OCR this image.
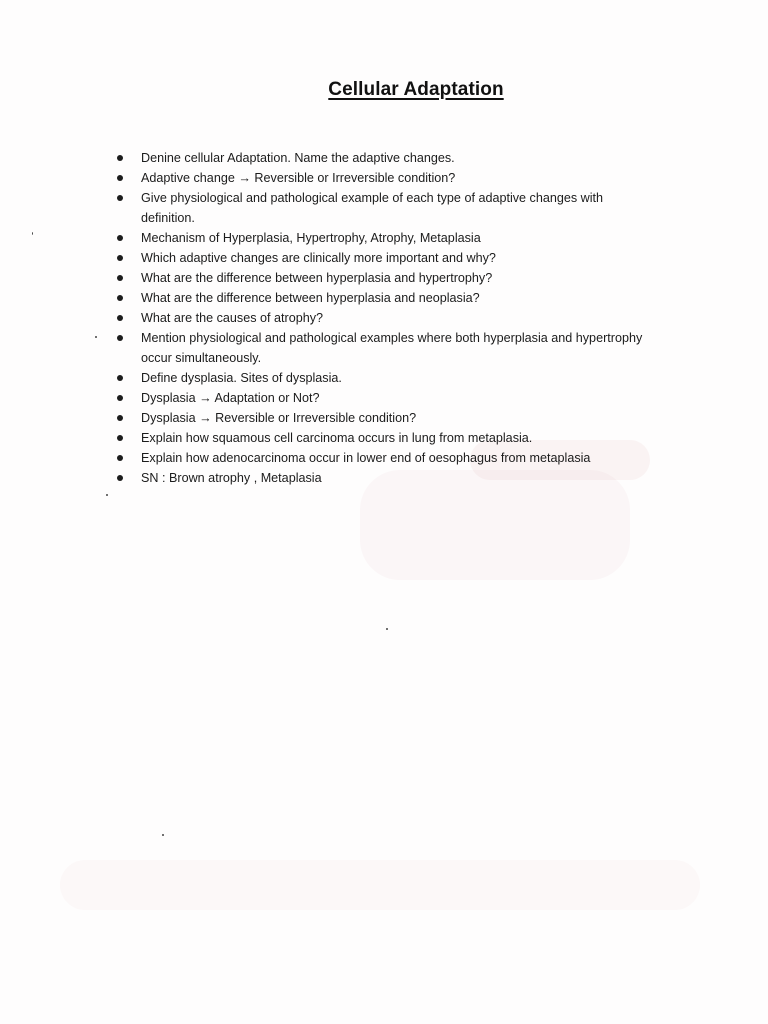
Cellular Adaptation
Denine cellular Adaptation. Name the adaptive changes.
Adaptive change → Reversible or Irreversible condition?
Give physiological and pathological example of each type of adaptive changes with definition.
Mechanism of Hyperplasia, Hypertrophy, Atrophy, Metaplasia
Which adaptive changes are clinically more important and why?
What are the difference between hyperplasia and hypertrophy?
What are the difference between hyperplasia and neoplasia?
What are the causes of atrophy?
Mention physiological and pathological examples where both hyperplasia and hypertrophy occur simultaneously.
Define dysplasia. Sites of dysplasia.
Dysplasia → Adaptation or Not?
Dysplasia → Reversible or Irreversible condition?
Explain how squamous cell carcinoma occurs in lung from metaplasia.
Explain how adenocarcinoma occur in lower end of oesophagus from metaplasia
SN : Brown atrophy , Metaplasia
